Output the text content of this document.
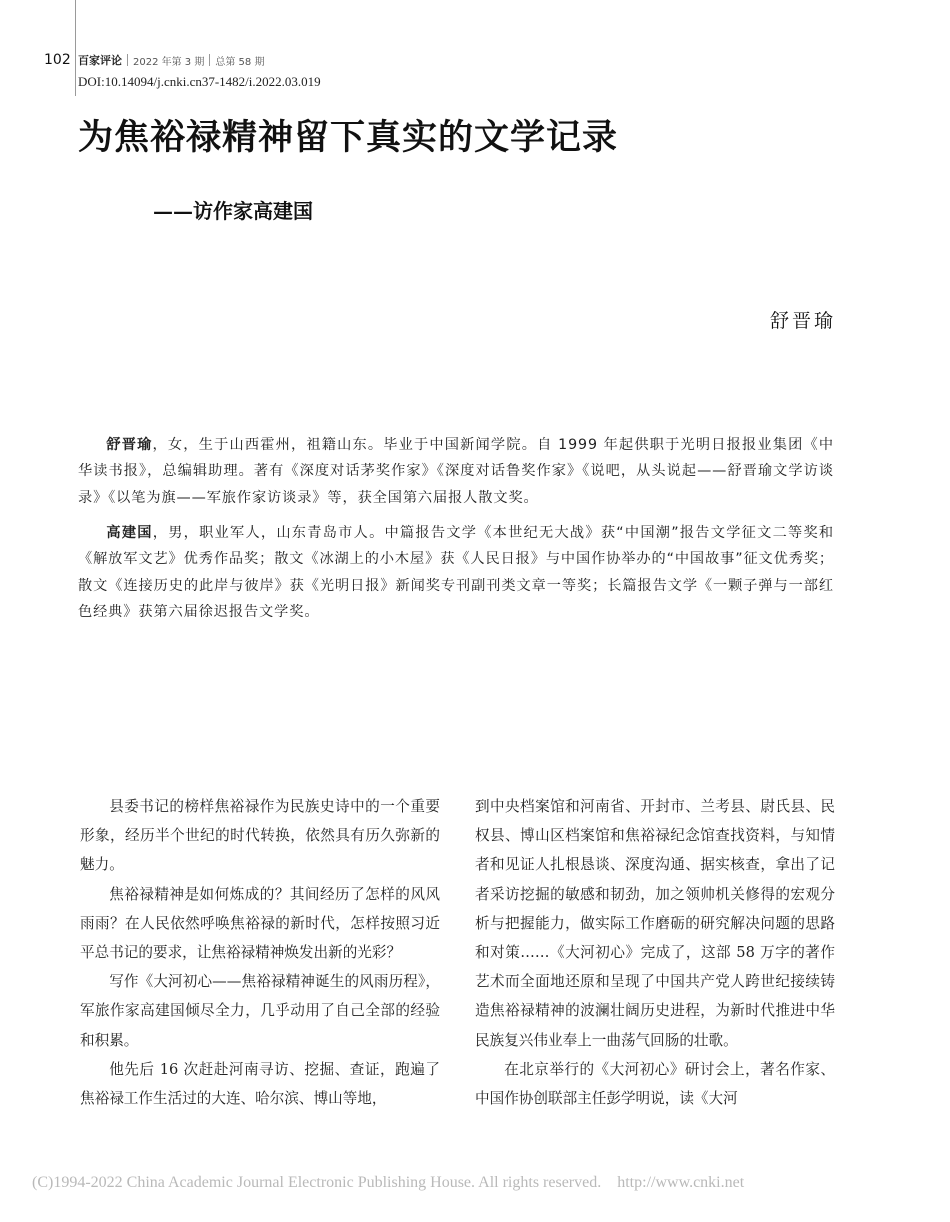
102 百家评论 2022 年第 3 期 总第 58 期
DOI:10.14094/j.cnki.cn37-1482/i.2022.03.019
为焦裕禄精神留下真实的文学记录
——访作家高建国
舒晋瑜

舒晋瑜，女，生于山西霍州，祖籍山东。毕业于中国新闻学院。自 1999 年起供职于光明日报报业集团《中华读书报》，总编辑助理。著有《深度对话茅奖作家》《深度对话鲁奖作家》《说吧，从头说起——舒晋瑜文学访谈录》《以笔为旗——军旅作家访谈录》等，获全国第六届报人散文奖。

高建国，男，职业军人，山东青岛市人。中篇报告文学《本世纪无大战》获“中国潮”报告文学征文二等奖和《解放军文艺》优秀作品奖；散文《冰湖上的小木屋》获《人民日报》与中国作协举办的“中国故事”征文优秀奖；散文《连接历史的此岸与彼岸》获《光明日报》新闻奖专刊副刊类文章一等奖；长篇报告文学《一颗子弹与一部红色经典》获第六届徐迟报告文学奖。

县委书记的榜样焦裕禄作为民族史诗中的一个重要形象，经历半个世纪的时代转换，依然具有历久弥新的魅力。

焦裕禄精神是如何炼成的？其间经历了怎样的风风雨雨？在人民依然呼唤焦裕禄的新时代，怎样按照习近平总书记的要求，让焦裕禄精神焕发出新的光彩？

写作《大河初心——焦裕禄精神诞生的风雨历程》，军旅作家高建国倾尽全力，几乎动用了自己全部的经验和积累。

他先后 16 次赶赴河南寻访、挖掘、查证，跑遍了焦裕禄工作生活过的大连、哈尔滨、博山等地，

到中央档案馆和河南省、开封市、兰考县、尉氏县、民权县、博山区档案馆和焦裕禄纪念馆查找资料，与知情者和见证人扎根恳谈、深度沟通、据实核查，拿出了记者采访挖掘的敏感和韧劲，加之领帅机关修得的宏观分析与把握能力，做实际工作磨砺的研究解决问题的思路和对策……《大河初心》完成了，这部 58 万字的著作艺术而全面地还原和呈现了中国共产党人跨世纪接续铸造焦裕禄精神的波澜壮阔历史进程，为新时代推进中华民族复兴伟业奉上一曲荡气回肠的壮歌。

在北京举行的《大河初心》研讨会上，著名作家、中国作协创联部主任彭学明说，读《大河

(C)1994-2022 China Academic Journal Electronic Publishing House. All rights reserved.    http://www.cnki.net
